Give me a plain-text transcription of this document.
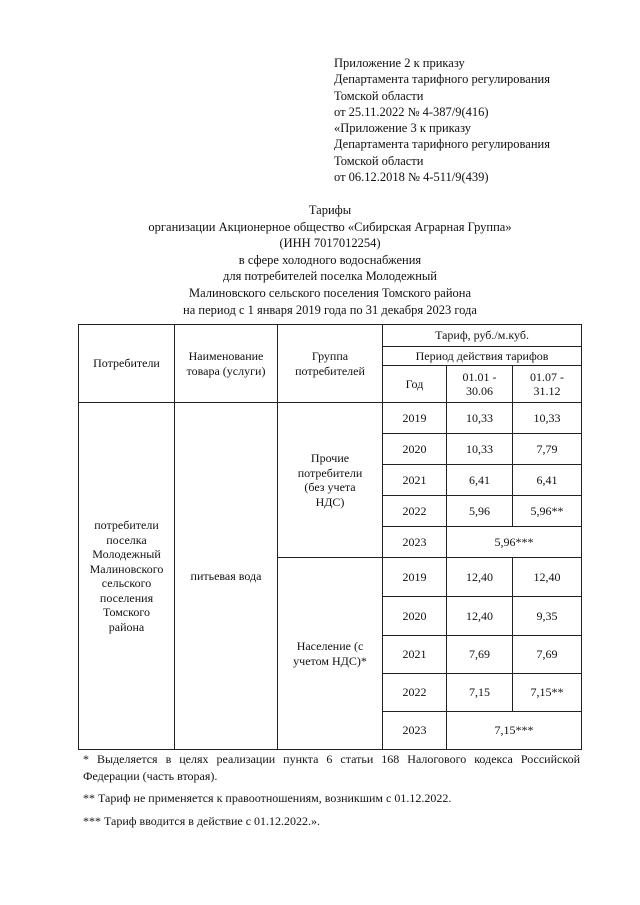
Приложение 2 к приказу
Департамента тарифного регулирования
Томской области
от 25.11.2022 № 4-387/9(416)
«Приложение 3 к приказу
Департамента тарифного регулирования
Томской области
от 06.12.2018 № 4-511/9(439)
Тарифы
организации Акционерное общество «Сибирская Аграрная Группа»
(ИНН 7017012254)
в сфере холодного водоснабжения
для потребителей поселка Молодежный
Малиновского сельского поселения Томского района
на период с 1 января 2019 года по 31 декабря 2023 года
Потребители	Наименование товара (услуги)	Группа потребителей	Тариф, руб./м.куб.		
			Период действия тарифов		
			Год	01.01 - 30.06	01.07 - 31.12
потребители поселка Молодежный Малиновского сельского поселения Томского района	питьевая вода	Прочие потребители (без учета НДС)	2019	10,33	10,33
			2020	10,33	7,79
			2021	6,41	6,41
			2022	5,96	5,96**
			2023	5,96***	
		Население (с учетом НДС)*	2019	12,40	12,40
			2020	12,40	9,35
			2021	7,69	7,69
			2022	7,15	7,15**
			2023	7,15***	

* Выделяется в целях реализации пункта 6 статьи 168 Налогового кодекса Российской Федерации (часть вторая).

** Тариф не применяется к правоотношениям, возникшим с 01.12.2022.

*** Тариф вводится в действие с 01.12.2022.».
